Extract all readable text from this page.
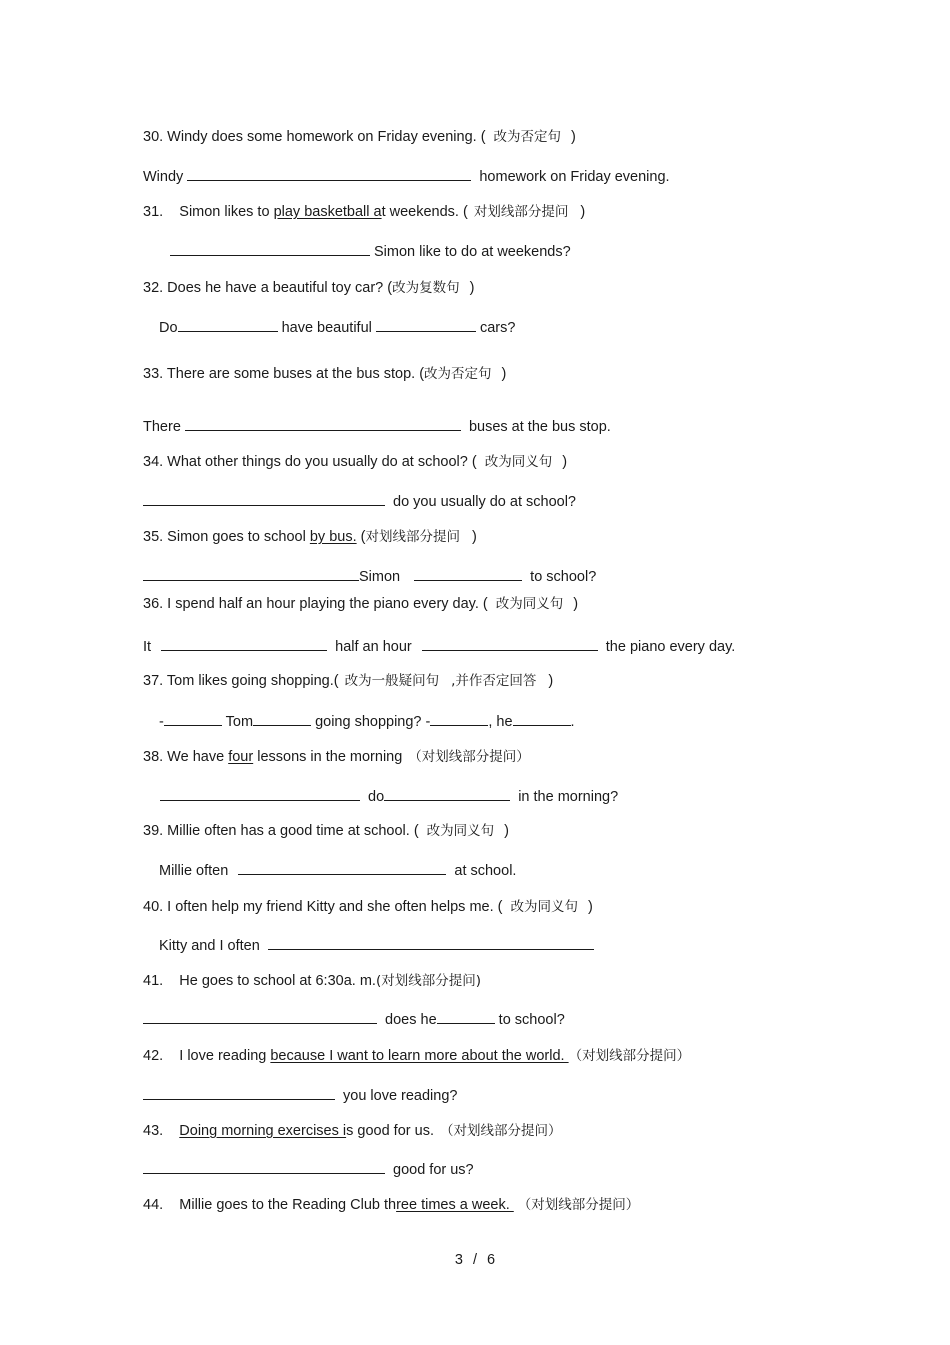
30. Windy does some homework on Friday evening. ( 改为否定句 )
Windy	homework on Friday evening.
31.    Simon likes to play basketball at weekends. ( 对划线部分提问 )
Simon like to do at weekends?
32. Does he have a beautiful toy car? (改为复数句 )
Do	have beautiful	cars?
33. There are some buses at the bus stop. (改为否定句 )
There	buses at the bus stop.
34. What other things do you usually do at school? ( 改为同义句 )
do you usually do at school?
35. Simon goes to school by bus. (对划线部分提问 )
Simon	to school?
36. I spend half an hour playing the piano every day. ( 改为同义句 )
It	half an hour	the piano every day.
37. Tom likes going shopping.( 改为一般疑问句 ,并作否定回答 )
-	Tom	going shopping? -	, he	.
38. We have four lessons in the morning （对划线部分提问）
do	in the morning?
39. Millie often has a good time at school. ( 改为同义句 )
Millie often	at school.
40. I often help my friend Kitty and she often helps me. ( 改为同义句 )
Kitty and I often
41.    He goes to school at 6:30a. m.(对划线部分提问)
does he	to school?
42.    I love reading because I want to learn more about the world. （对划线部分提问）
you love reading?
43.    Doing morning exercises is good for us. （对划线部分提问）
good for us?
44.    Millie goes to the Reading Club three times a week. （对划线部分提问）
3 / 6
